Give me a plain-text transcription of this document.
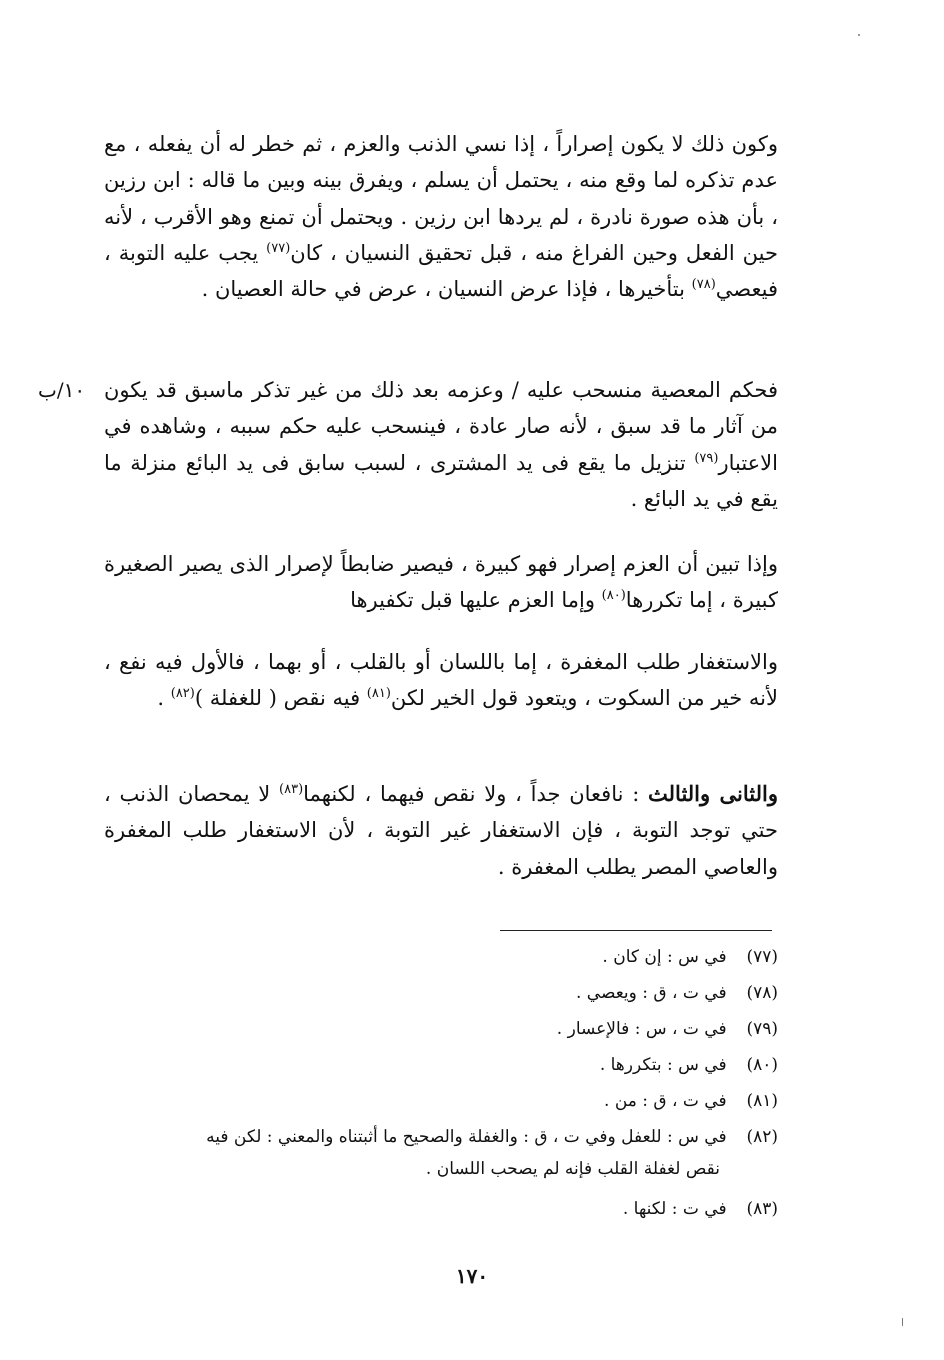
وكون ذلك لا يكون إصراراً ، إذا نسي الذنب والعزم ، ثم خطر له أن يفعله ، مع عدم تذكره لما وقع منه ، يحتمل أن يسلم ، ويفرق بينه وبين ما قاله : ابن رزين ، بأن هذه صورة نادرة ، لم يردها ابن رزين . ويحتمل أن تمنع وهو الأقرب ، لأنه حين الفعل وحين الفراغ منه ، قبل تحقيق النسيان ، كان$^{(٧٧)}$ يجب عليه التوبة ، فيعصي$^{(٧٨)}$ بتأخيرها ، فإذا عرض النسيان ، عرض في حالة العصيان .

فحكم المعصية منسحب عليه / وعزمه بعد ذلك من غير تذكر ماسبق قد يكون من آثار ما قد سبق ، لأنه صار عادة ، فينسحب عليه حكم سببه ، وشاهده في الاعتبار$^{(٧٩)}$ تنزيل ما يقع فى يد المشترى ، لسبب سابق فى يد البائع منزلة ما يقع في يد البائع .

وإذا تبين أن العزم إصرار فهو كبيرة ، فيصير ضابطاً لإصرار الذى يصير الصغيرة كبيرة ، إما تكررها$^{(٨٠)}$ وإما العزم عليها قبل تكفيرها

والاستغفار طلب المغفرة ، إما باللسان أو بالقلب ، أو بهما ، فالأول فيه نفع ، لأنه خير من السكوت ، ويتعود قول الخير لكن$^{(٨١)}$ فيه نقص ( للغفلة )$^{(٨٢)}$ .

والثانى والثالث : نافعان جداً ، ولا نقص فيهما ، لكنهما$^{(٨٣)}$ لا يمحصان الذنب ، حتي توجد التوبة ، فإن الاستغفار غير التوبة ، لأن الاستغفار طلب المغفرة والعاصي المصر يطلب المغفرة .

١٠/ب
(٧٧) في س : إن كان .
(٧٨) في ت ، ق : ويعصي .
(٧٩) في ت ، س : فالإعسار .
(٨٠) في س : بتكررها .
(٨١) في ت ، ق : من .
(٨٢) في س : للعفل وفي ت ، ق : والغفلة والصحيح ما أثبتناه والمعني : لكن فيه
نقص لغفلة القلب فإنه لم يصحب اللسان .
(٨٣) في ت : لكنها .
١٧٠
